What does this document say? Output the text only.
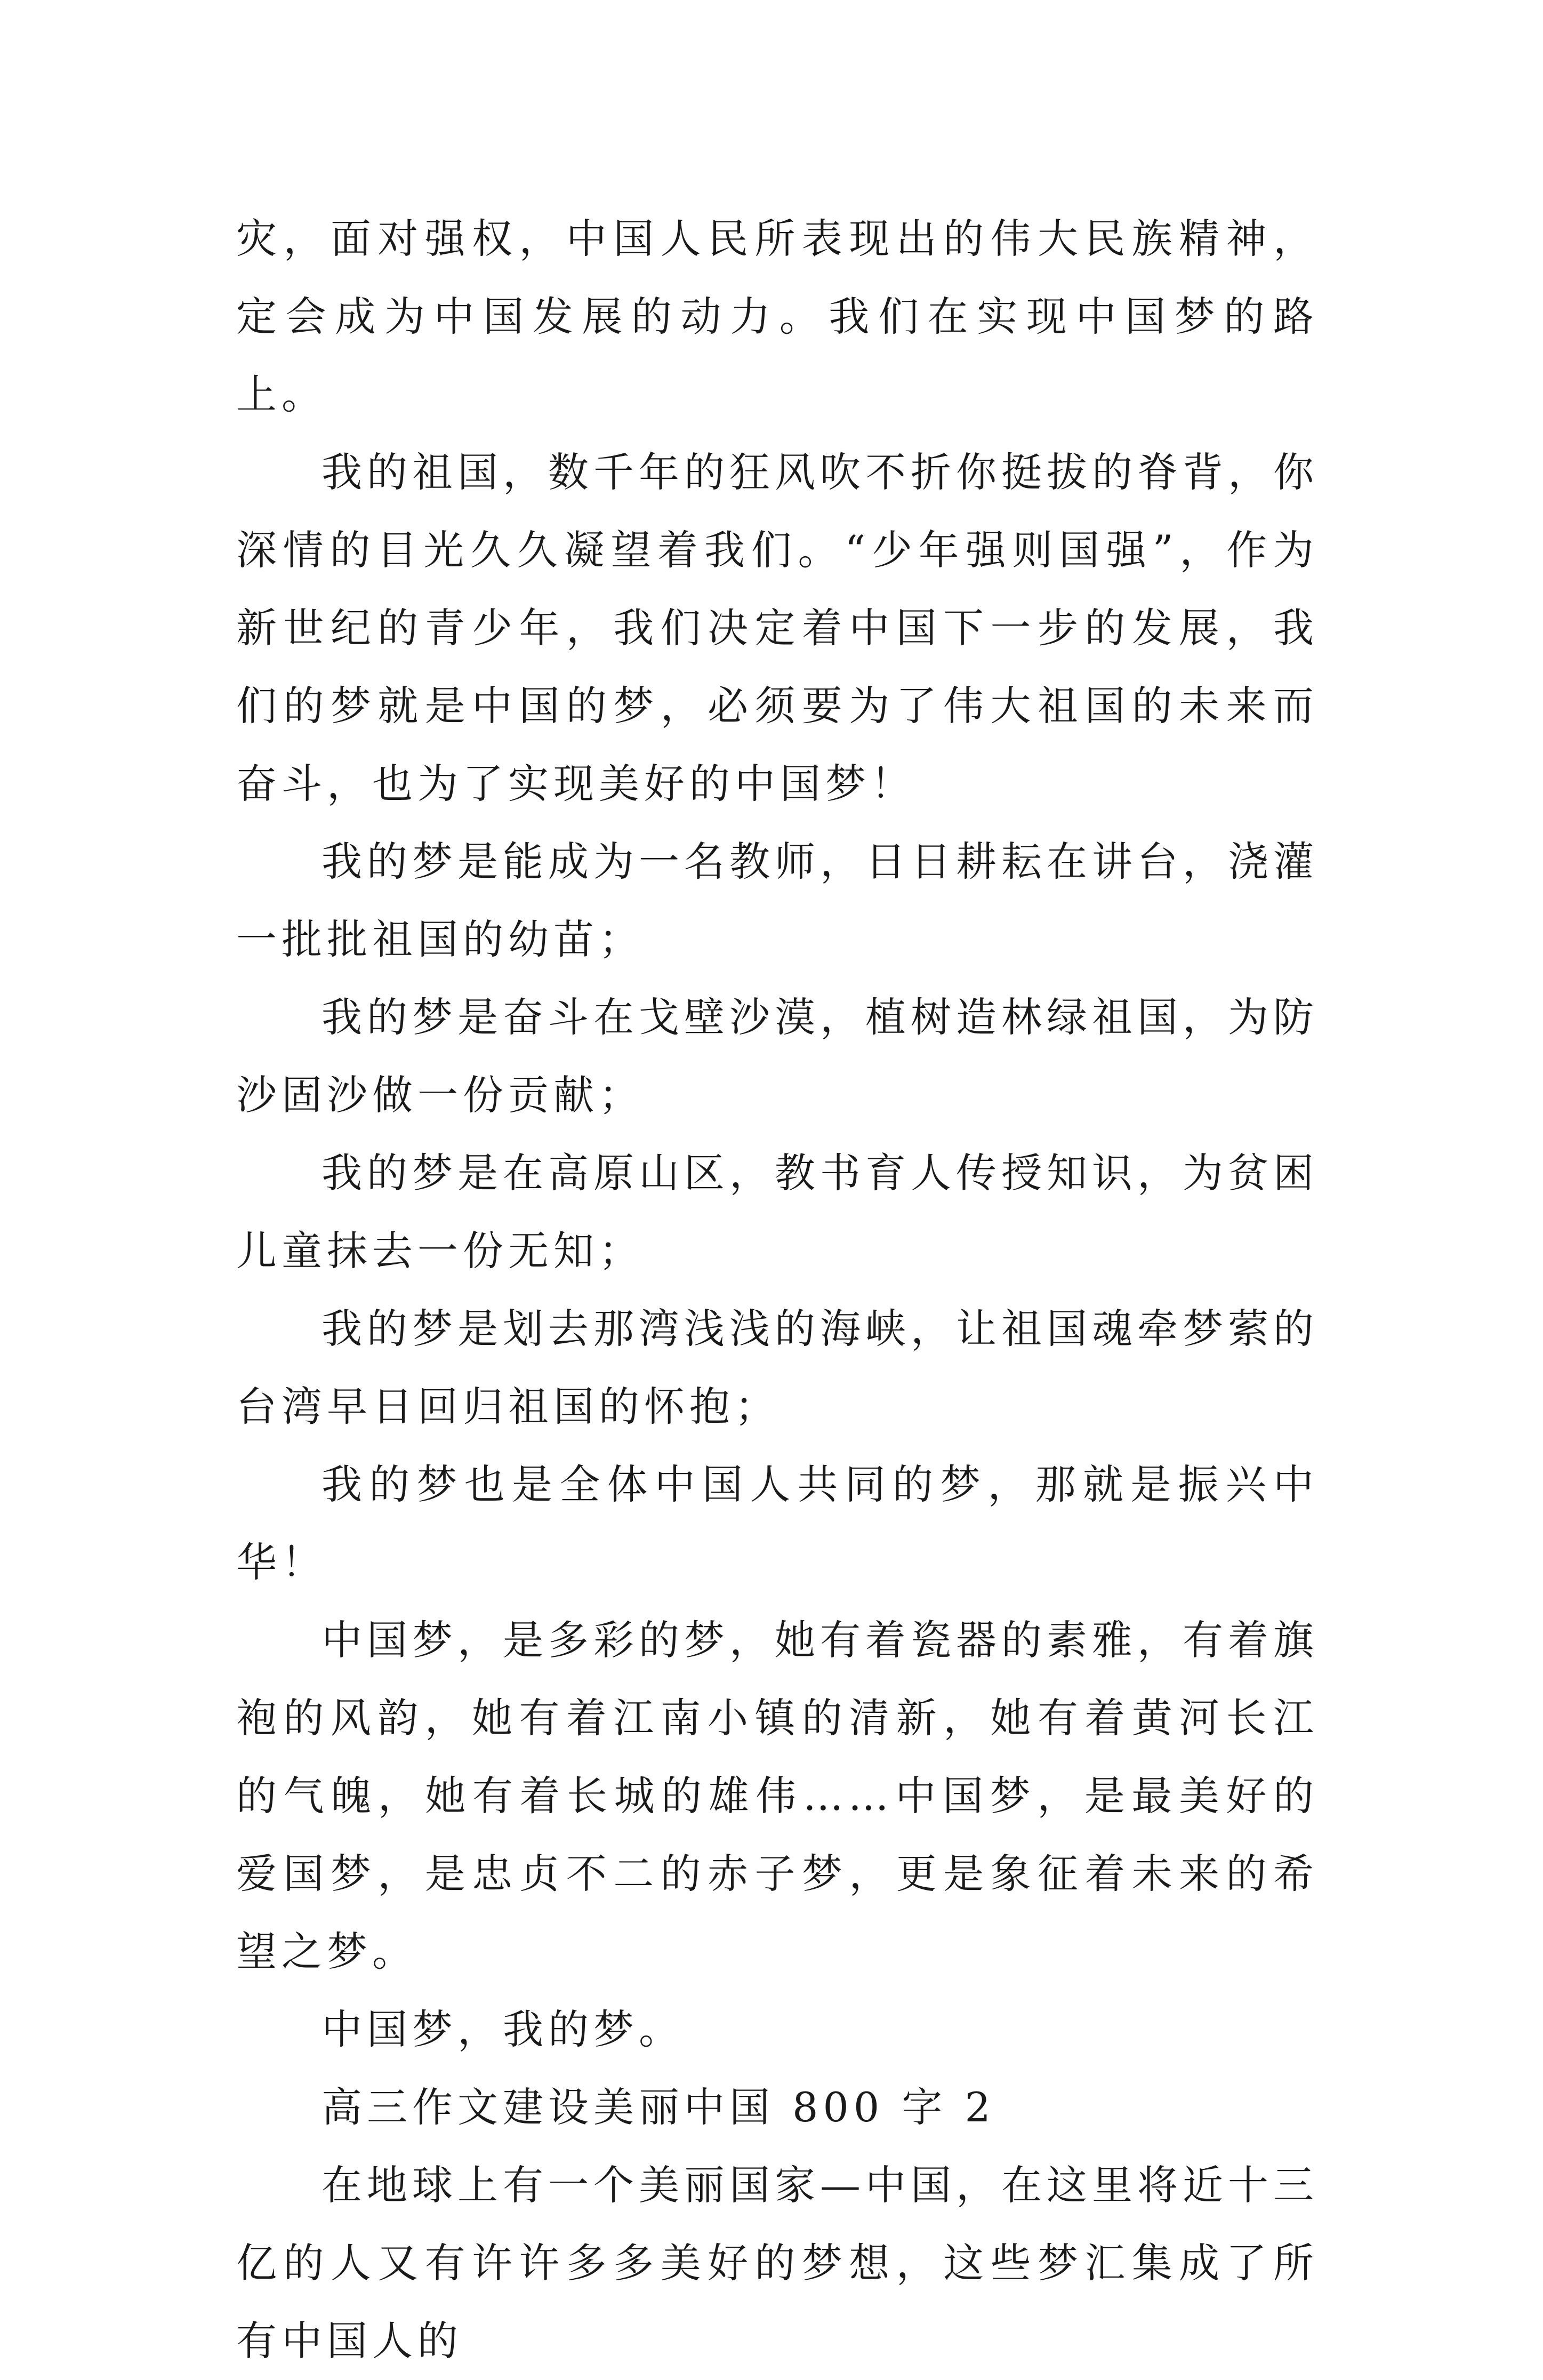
灾，面对强权，中国人民所表现出的伟大民族精神，定会成为中国发展的动力。我们在实现中国梦的路上。

我的祖国，数千年的狂风吹不折你挺拔的脊背，你深情的目光久久凝望着我们。“少年强则国强”，作为新世纪的青少年，我们决定着中国下一步的发展，我们的梦就是中国的梦，必须要为了伟大祖国的未来而奋斗，也为了实现美好的中国梦！

我的梦是能成为一名教师，日日耕耘在讲台，浇灌一批批祖国的幼苗；

我的梦是奋斗在戈壁沙漠，植树造林绿祖国，为防沙固沙做一份贡献；

我的梦是在高原山区，教书育人传授知识，为贫困儿童抹去一份无知；

我的梦是划去那湾浅浅的海峡，让祖国魂牵梦萦的台湾早日回归祖国的怀抱；

我的梦也是全体中国人共同的梦，那就是振兴中华！

中国梦，是多彩的梦，她有着瓷器的素雅，有着旗袍的风韵，她有着江南小镇的清新，她有着黄河长江的气魄，她有着长城的雄伟……中国梦，是最美好的爱国梦，是忠贞不二的赤子梦，更是象征着未来的希望之梦。

中国梦，我的梦。

高三作文建设美丽中国 800 字 2

在地球上有一个美丽国家—中国，在这里将近十三亿的人又有许许多多美好的梦想，这些梦汇集成了所有中国人的
